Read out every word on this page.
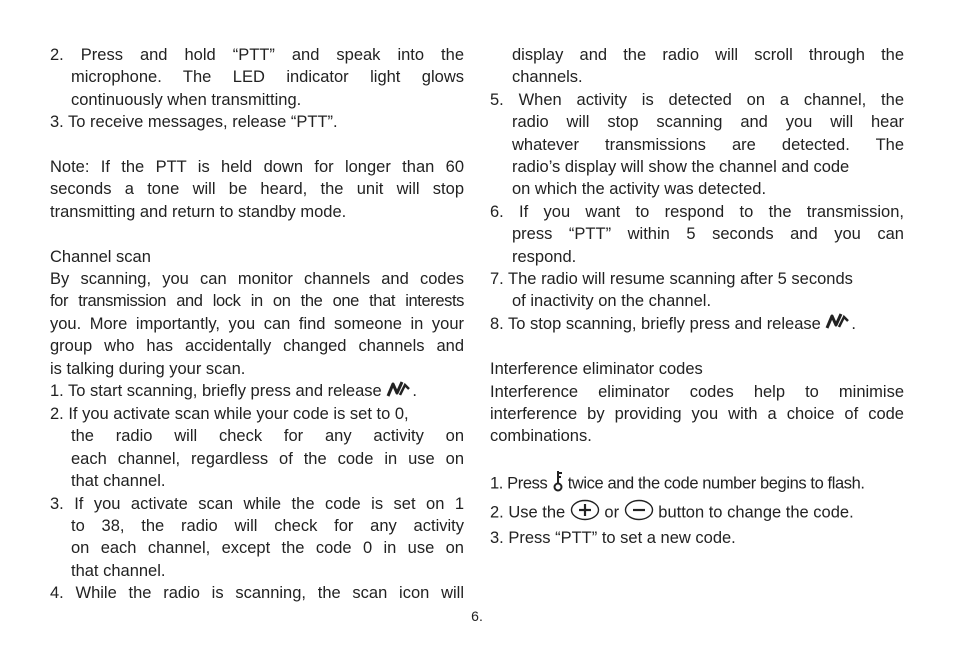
2. Press and hold “PTT” and speak into the

microphone. The LED indicator light glows

continuously when transmitting.

3. To receive messages, release “PTT”.

Note: If the PTT is held down for longer than 60

seconds a tone will be heard, the unit will stop

transmitting and return to standby mode.

Channel scan

By scanning, you can monitor channels and codes

for transmission and lock in on the one that interests

you. More importantly, you can find someone in your

group who has accidentally changed channels and

is talking during your scan.

1. To start scanning, briefly press and release .

2. If you activate scan while your code is set to 0,

the radio will check for any activity on

each channel, regardless of the code in use on

that channel.

3. If you activate scan while the code is set on 1

to 38, the radio will check for any activity

on each channel, except the code 0 in use on

that channel.

4. While the radio is scanning, the scan icon will

display and the radio will scroll through the

channels.

5. When activity is detected on a channel, the

radio will stop scanning and you will hear

whatever transmissions are detected. The

radio’s display will show the channel and code

on which the activity was detected.

6. If you want to respond to the transmission,

press “PTT” within 5 seconds and you can

respond.

7. The radio will resume scanning after 5 seconds

of inactivity on the channel.

8. To stop scanning, briefly press and release .

Interference eliminator codes

Interference eliminator codes help to minimise

interference by providing you with a choice of code

combinations.

1. Press twice and the code number begins to flash.

2. Use the or button to change the code.

3. Press “PTT” to set a new code.

6.
